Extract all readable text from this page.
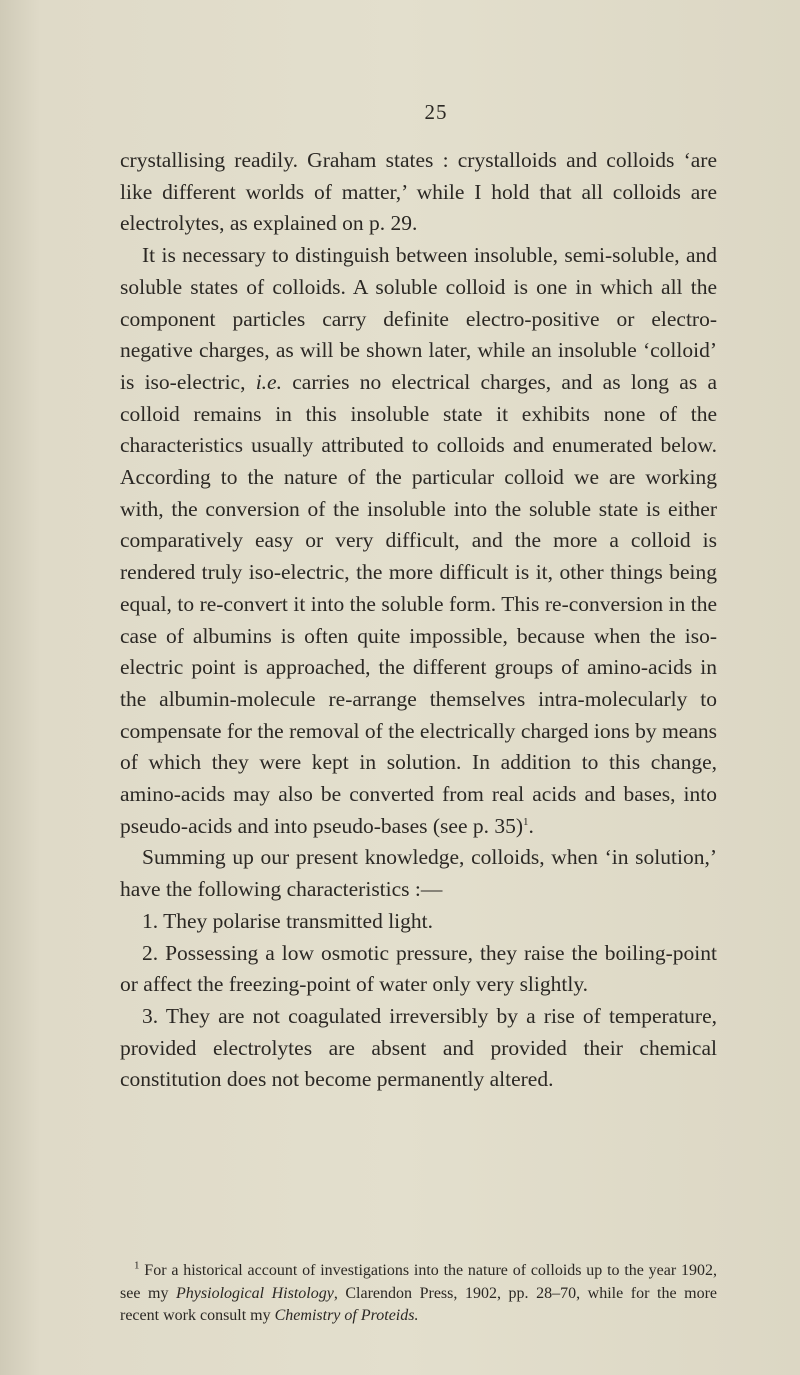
25

crystallising readily. Graham states : crystalloids and colloids ‘are like different worlds of matter,’ while I hold that all colloids are electrolytes, as explained on p. 29.

It is necessary to distinguish between insoluble, semi-soluble, and soluble states of colloids. A soluble colloid is one in which all the component particles carry definite electro-positive or electro-negative charges, as will be shown later, while an insoluble ‘colloid’ is iso-electric, i.e. carries no electrical charges, and as long as a colloid remains in this insoluble state it exhibits none of the characteristics usually attributed to colloids and enumerated below. According to the nature of the particular colloid we are working with, the conversion of the insoluble into the soluble state is either comparatively easy or very difficult, and the more a colloid is rendered truly iso-electric, the more difficult is it, other things being equal, to re-convert it into the soluble form. This re-conversion in the case of albumins is often quite impossible, because when the iso-electric point is approached, the different groups of amino-acids in the albumin-molecule re-arrange themselves intra-molecularly to compensate for the removal of the electrically charged ions by means of which they were kept in solution. In addition to this change, amino-acids may also be converted from real acids and bases, into pseudo-acids and into pseudo-bases (see p. 35)$^1$.

Summing up our present knowledge, colloids, when ‘in solution,’ have the following characteristics :—

1. They polarise transmitted light.

2. Possessing a low osmotic pressure, they raise the boiling-point or affect the freezing-point of water only very slightly.

3. They are not coagulated irreversibly by a rise of temperature, provided electrolytes are absent and provided their chemical constitution does not become permanently altered.

$^1$ For a historical account of investigations into the nature of colloids up to the year 1902, see my Physiological Histology, Clarendon Press, 1902, pp. 28–70, while for the more recent work consult my Chemistry of Proteids.
